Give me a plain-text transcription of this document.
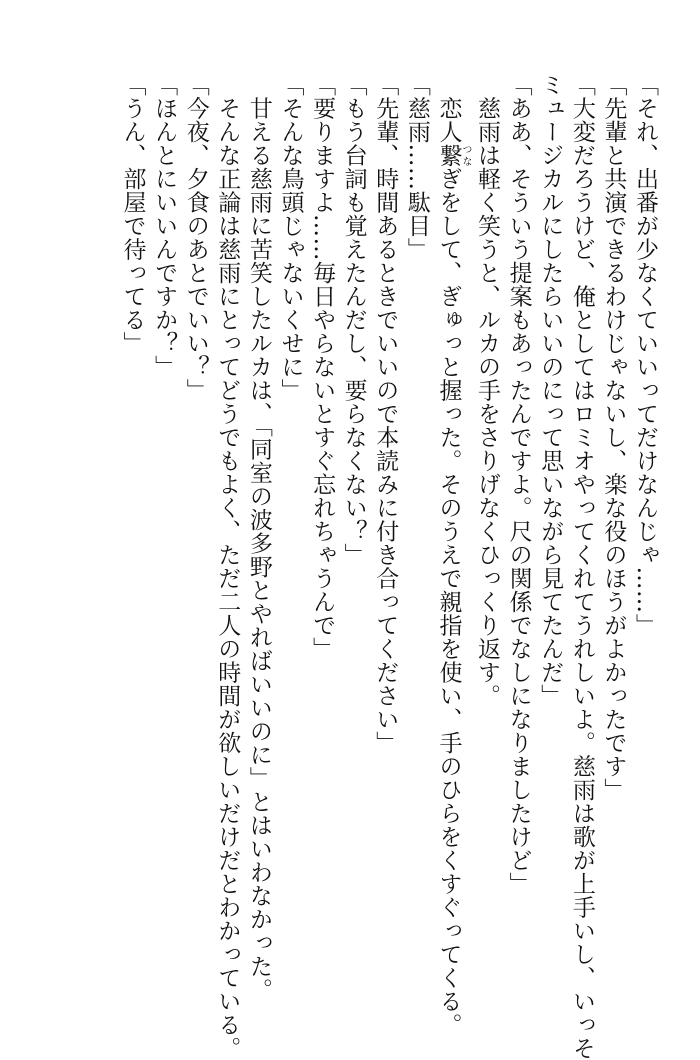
「それ、出番が少なくていいってだけなんじゃ……」
「先輩と共演できるわけじゃないし、楽な役のほうがよかったです」
「大変だろうけど、俺としてはロミオやってくれてうれしいよ。慈雨は歌が上手いし、いっそ
ミュージカルにしたらいいのにって思いながら見てたんだ」
「ああ、そういう提案もあったんですよ。尺の関係でなしになりましたけど」
　慈雨は軽く笑うと、ルカの手をさりげなくひっくり返す。
　恋人繋つなぎをして、ぎゅっと握った。そのうえで親指を使い、手のひらをくすぐってくる。
「慈雨……駄目」
「先輩、時間あるときでいいので本読みに付き合ってください」
「もう台詞も覚えたんだし、要らなくない？」
「要りますよ……毎日やらないとすぐ忘れちゃうんで」
「そんな鳥頭じゃないくせに」
　甘える慈雨に苦笑したルカは、「同室の波多野とやればいいのに」とはいわなかった。
　そんな正論は慈雨にとってどうでもよく、ただ二人の時間が欲しいだけだとわかっている。
「今夜、夕食のあとでいい？」
「ほんとにいいんですか？」
「うん、部屋で待ってる」
